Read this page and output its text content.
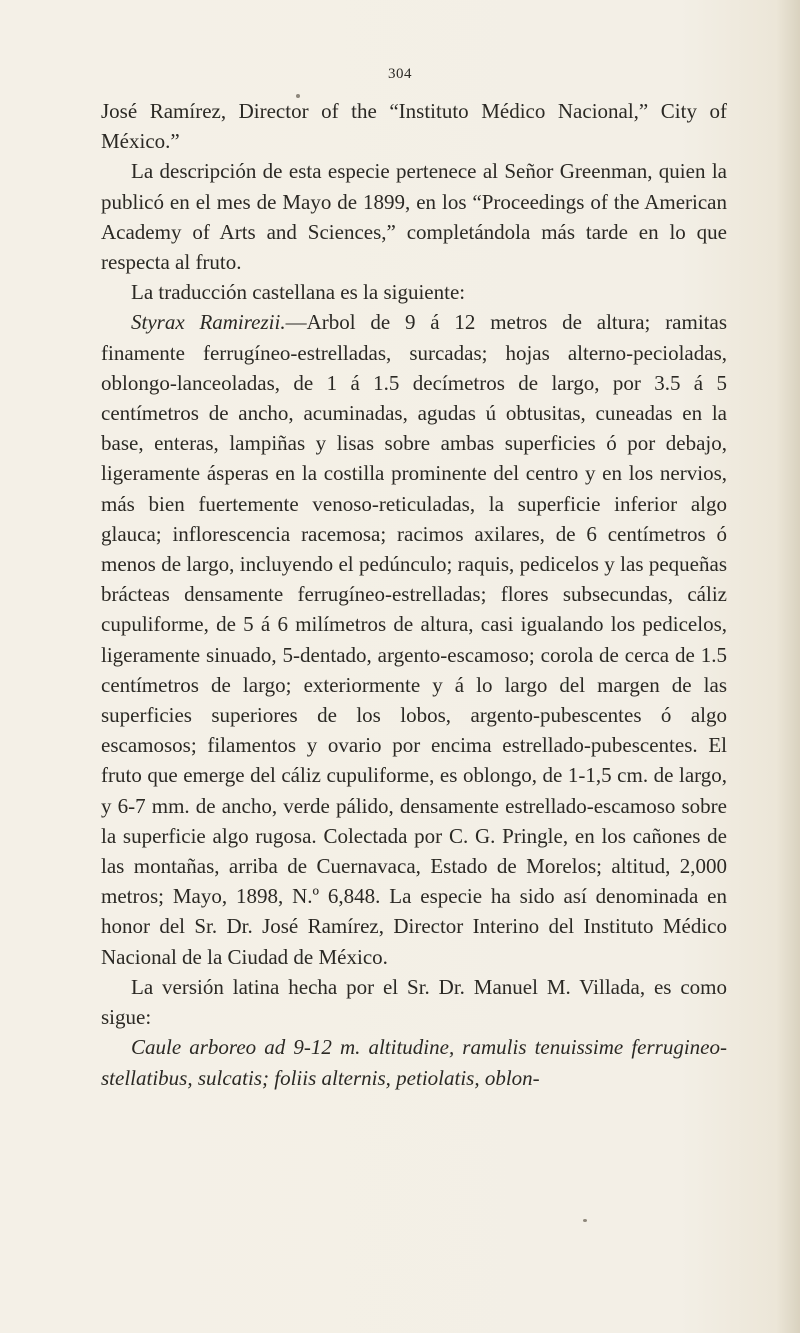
304

José Ramírez, Director of the “Instituto Médico Nacional,” City of México.”

La descripción de esta especie pertenece al Señor Greenman, quien la publicó en el mes de Mayo de 1899, en los “Proceedings of the American Academy of Arts and Sciences,” completándola más tarde en lo que respecta al fruto.

La traducción castellana es la siguiente:

Styrax Ramirezii.—Arbol de 9 á 12 metros de altura; ramitas finamente ferrugíneo-estrelladas, surcadas; hojas alterno-pecioladas, oblongo-lanceoladas, de 1 á 1.5 decímetros de largo, por 3.5 á 5 centímetros de ancho, acuminadas, agudas ú obtusitas, cuneadas en la base, enteras, lampiñas y lisas sobre ambas superficies ó por debajo, ligeramente ásperas en la costilla prominente del centro y en los nervios, más bien fuertemente venoso-reticuladas, la superficie inferior algo glauca; inflorescencia racemosa; racimos axilares, de 6 centímetros ó menos de largo, incluyendo el pedúnculo; raquis, pedicelos y las pequeñas brácteas densamente ferrugíneo-estrelladas; flores subsecundas, cáliz cupuliforme, de 5 á 6 milímetros de altura, casi igualando los pedicelos, ligeramente sinuado, 5-dentado, argento-escamoso; corola de cerca de 1.5 centímetros de largo; exteriormente y á lo largo del margen de las superficies superiores de los lobos, argento-pubescentes ó algo escamosos; filamentos y ovario por encima estrellado-pubescentes. El fruto que emerge del cáliz cupuliforme, es oblongo, de 1-1,5 cm. de largo, y 6-7 mm. de ancho, verde pálido, densamente estrellado-escamoso sobre la superficie algo rugosa. Colectada por C. G. Pringle, en los cañones de las montañas, arriba de Cuernavaca, Estado de Morelos; altitud, 2,000 metros; Mayo, 1898, N.º 6,848. La especie ha sido así denominada en honor del Sr. Dr. José Ramírez, Director Interino del Instituto Médico Nacional de la Ciudad de México.

La versión latina hecha por el Sr. Dr. Manuel M. Villada, es como sigue:

Caule arboreo ad 9-12 m. altitudine, ramulis tenuissime ferrugineo-stellatibus, sulcatis; foliis alternis, petiolatis, oblon-
